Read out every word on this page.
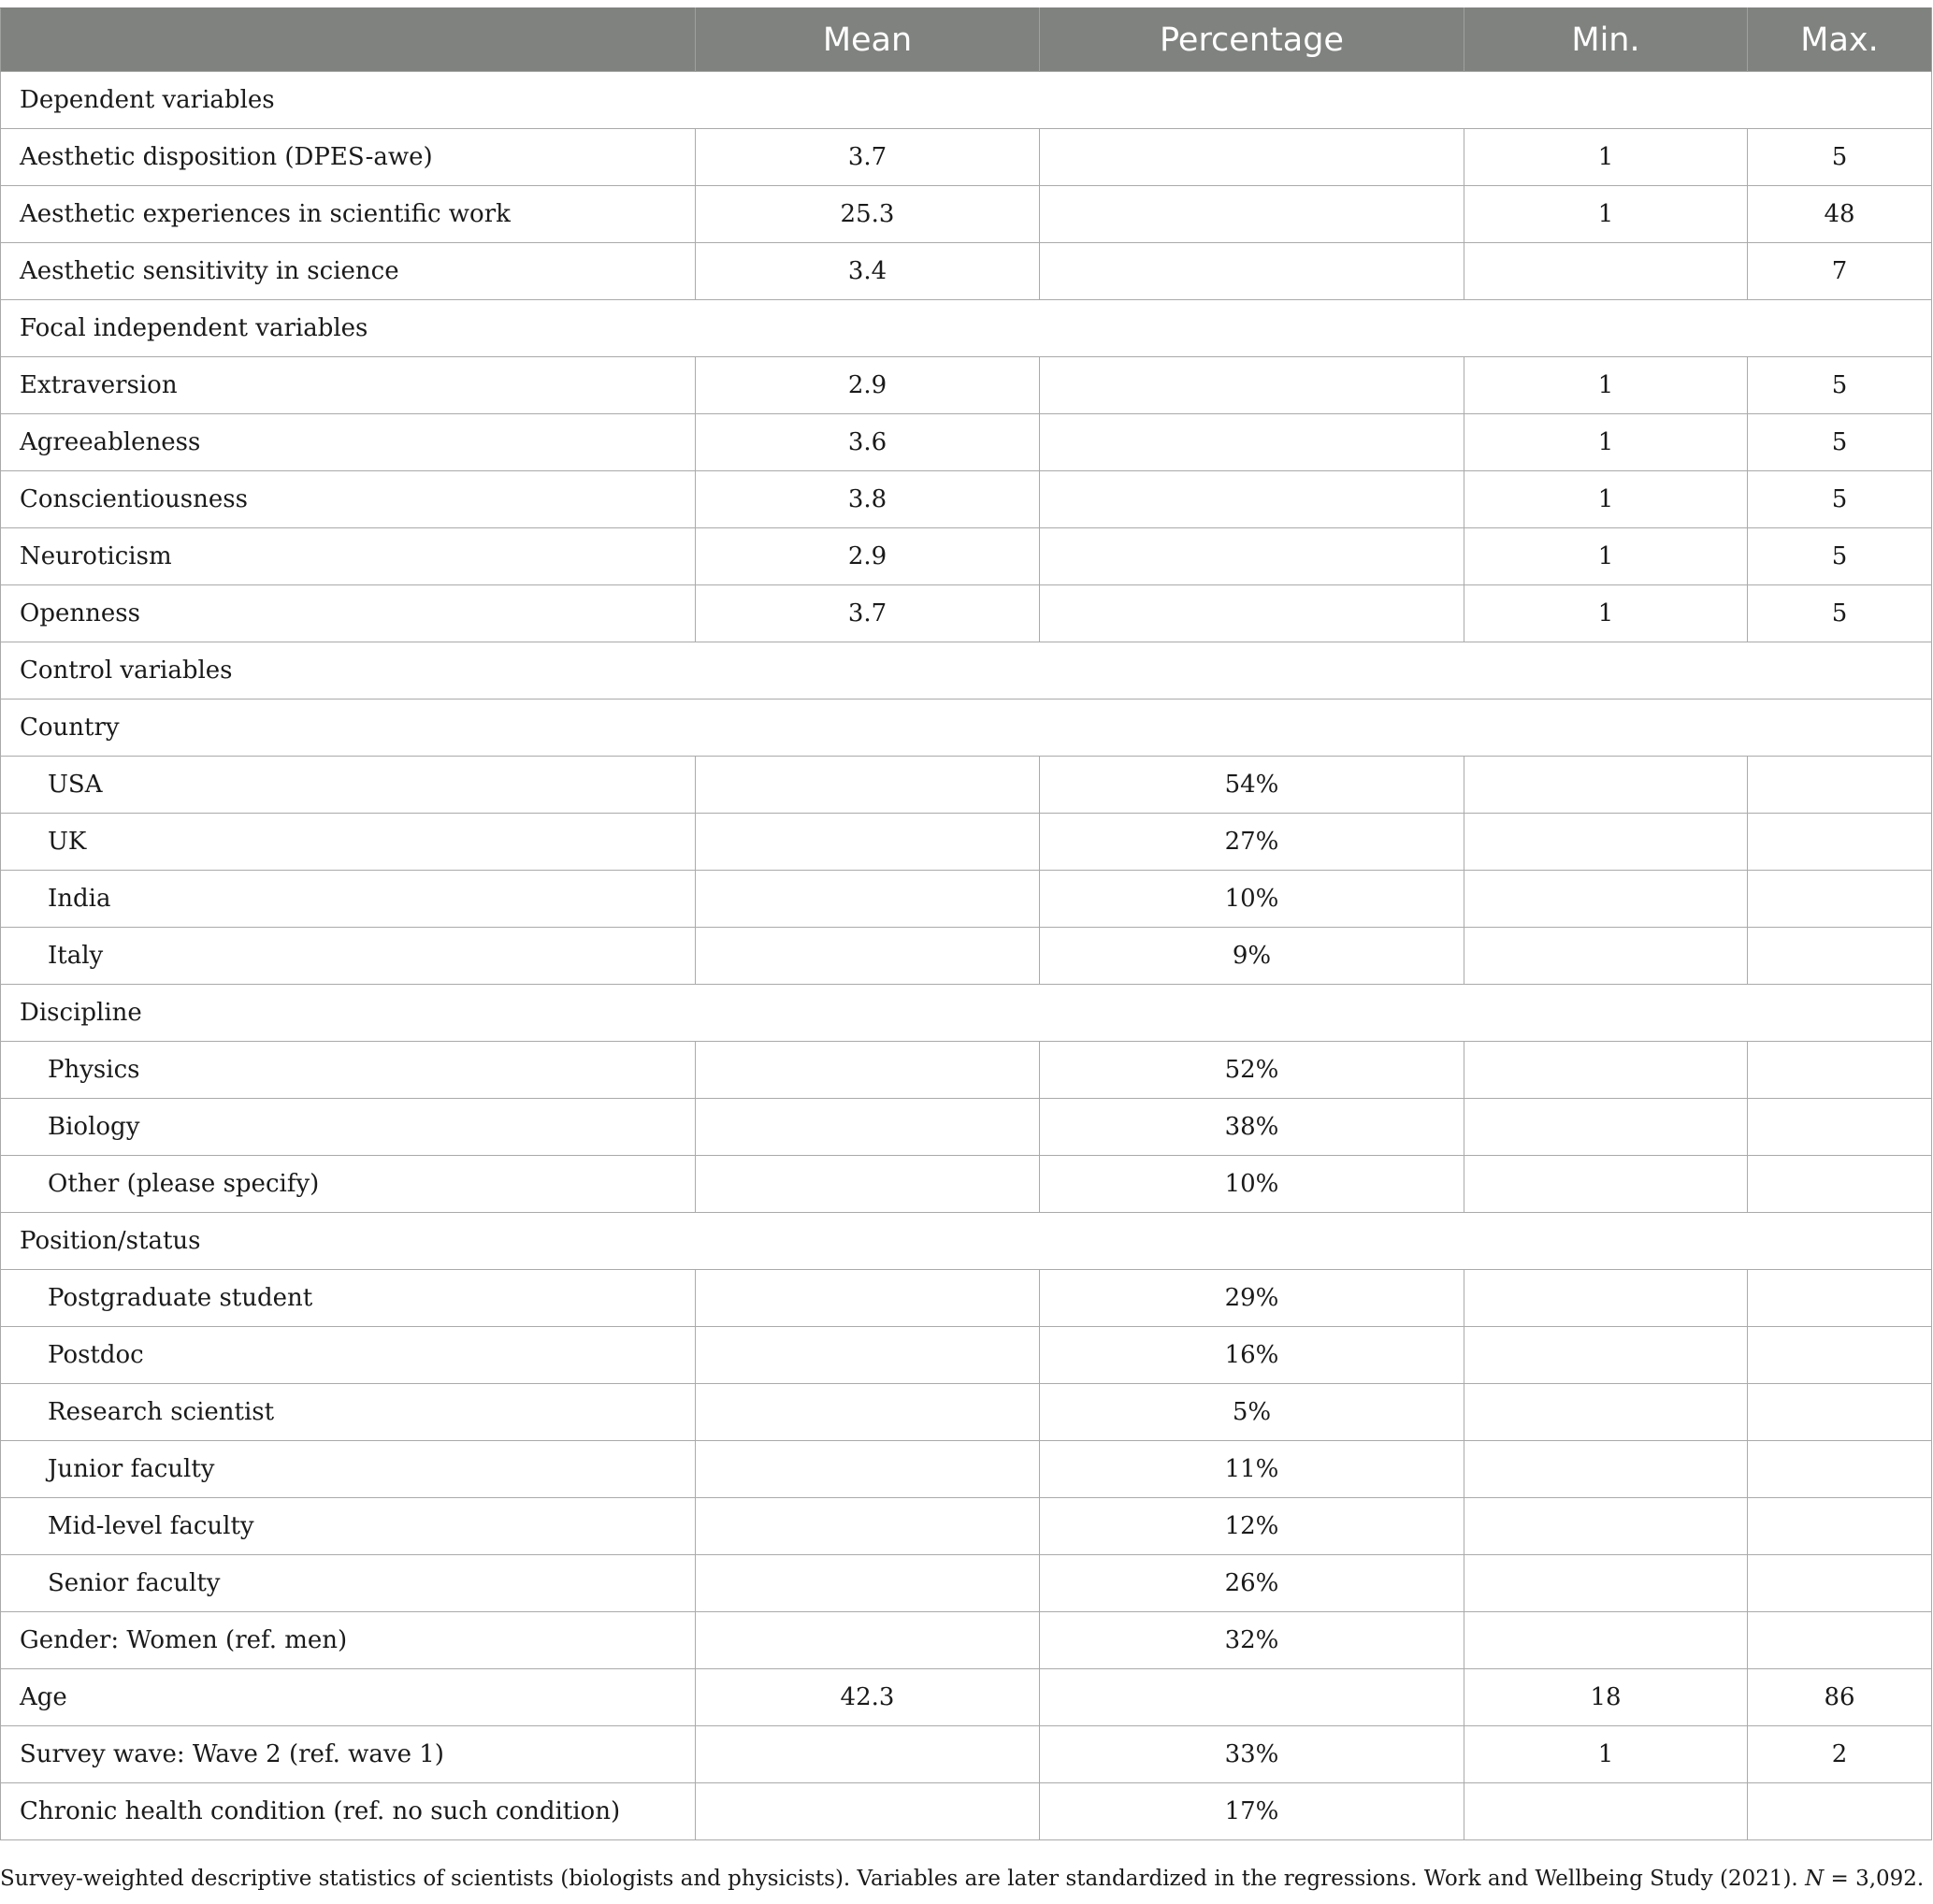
	Mean	Percentage	Min.	Max.
Dependent variables				
Aesthetic disposition (DPES-awe)	3.7		1	5
Aesthetic experiences in scientific work	25.3		1	48
Aesthetic sensitivity in science	3.4			7
Focal independent variables				
Extraversion	2.9		1	5
Agreeableness	3.6		1	5
Conscientiousness	3.8		1	5
Neuroticism	2.9		1	5
Openness	3.7		1	5
Control variables				
Country				
USA		54%		
UK		27%		
India		10%		
Italy		9%		
Discipline				
Physics		52%		
Biology		38%		
Other (please specify)		10%		
Position/status				
Postgraduate student		29%		
Postdoc		16%		
Research scientist		5%		
Junior faculty		11%		
Mid-level faculty		12%		
Senior faculty		26%		
Gender: Women (ref. men)		32%		
Age	42.3		18	86
Survey wave: Wave 2 (ref. wave 1)		33%	1	2
Chronic health condition (ref. no such condition)		17%		

Survey-weighted descriptive statistics of scientists (biologists and physicists). Variables are later standardized in the regressions. Work and Wellbeing Study (2021). N = 3,092.
